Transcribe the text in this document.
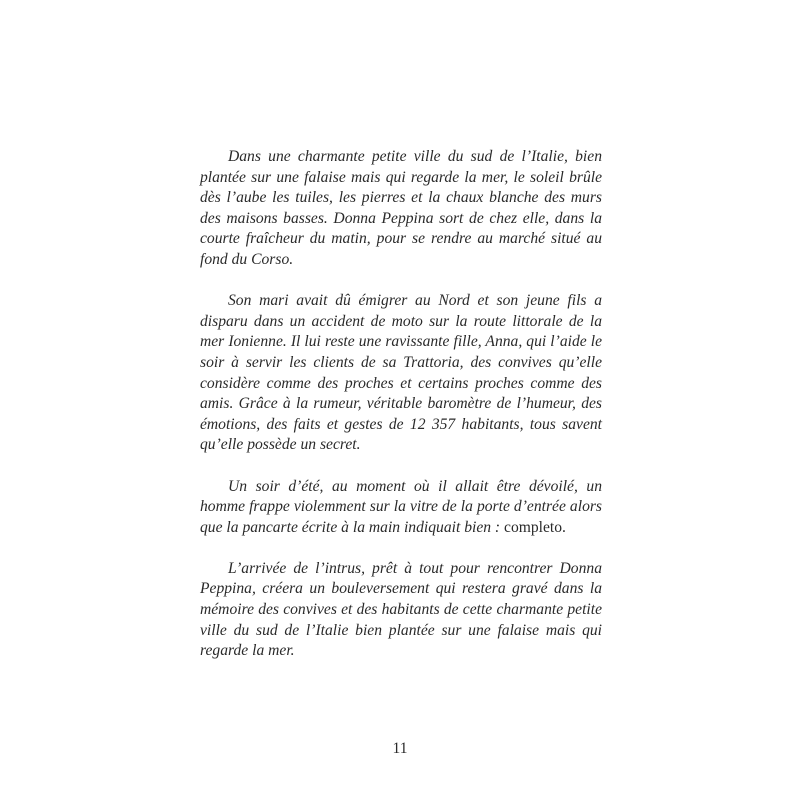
Dans une charmante petite ville du sud de l’Italie, bien plantée sur une falaise mais qui regarde la mer, le soleil brûle dès l’aube les tuiles, les pierres et la chaux blanche des murs des maisons basses. Donna Peppina sort de chez elle, dans la courte fraîcheur du matin, pour se rendre au marché situé au fond du Corso.

Son mari avait dû émigrer au Nord et son jeune fils a disparu dans un accident de moto sur la route littorale de la mer Ionienne. Il lui reste une ravissante fille, Anna, qui l’aide le soir à servir les clients de sa Trattoria, des convives qu’elle considère comme des proches et certains proches comme des amis. Grâce à la rumeur, véritable baromètre de l’humeur, des émotions, des faits et gestes de 12 357 habitants, tous savent qu’elle possède un secret.

Un soir d’été, au moment où il allait être dévoilé, un homme frappe violemment sur la vitre de la porte d’entrée alors que la pancarte écrite à la main indiquait bien : completo.

L’arrivée de l’intrus, prêt à tout pour rencontrer Donna Peppina, créera un bouleversement qui restera gravé dans la mémoire des convives et des habitants de cette charmante petite ville du sud de l’Italie bien plantée sur une falaise mais qui regarde la mer.

11
